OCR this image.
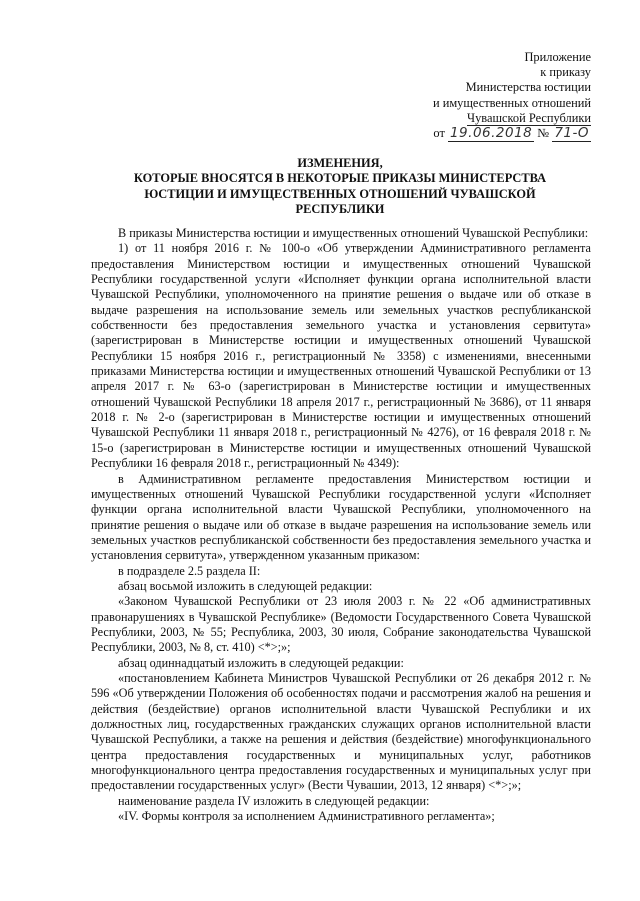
Приложение
к приказу
Министерства юстиции
и имущественных отношений
Чувашской Республики
от 19.06.2018 № 71-О
ИЗМЕНЕНИЯ,
КОТОРЫЕ ВНОСЯТСЯ В НЕКОТОРЫЕ ПРИКАЗЫ МИНИСТЕРСТВА
ЮСТИЦИИ И ИМУЩЕСТВЕННЫХ ОТНОШЕНИЙ ЧУВАШСКОЙ
РЕСПУБЛИКИ

В приказы Министерства юстиции и имущественных отношений Чувашской Республики:

1) от 11 ноября 2016 г. № 100-о «Об утверждении Административного регламента предоставления Министерством юстиции и имущественных отношений Чувашской Республики государственной услуги «Исполняет функции органа исполнительной власти Чувашской Республики, уполномоченного на принятие решения о выдаче или об отказе в выдаче разрешения на использование земель или земельных участков республиканской собственности без предоставления земельного участка и установления сервитута» (зарегистрирован в Министерстве юстиции и имущественных отношений Чувашской Республики 15 ноября 2016 г., регистрационный № 3358) с изменениями, внесенными приказами Министерства юстиции и имущественных отношений Чувашской Республики от 13 апреля 2017 г. № 63-о (зарегистрирован в Министерстве юстиции и имущественных отношений Чувашской Республики 18 апреля 2017 г., регистрационный № 3686), от 11 января 2018 г. № 2-о (зарегистрирован в Министерстве юстиции и имущественных отношений Чувашской Республики 11 января 2018 г., регистрационный № 4276), от 16 февраля 2018 г. № 15-о (зарегистрирован в Министерстве юстиции и имущественных отношений Чувашской Республики 16 февраля 2018 г., регистрационный № 4349):

в Административном регламенте предоставления Министерством юстиции и имущественных отношений Чувашской Республики государственной услуги «Исполняет функции органа исполнительной власти Чувашской Республики, уполномоченного на принятие решения о выдаче или об отказе в выдаче разрешения на использование земель или земельных участков республиканской собственности без предоставления земельного участка и установления сервитута», утвержденном указанным приказом:

в подразделе 2.5 раздела II:

абзац восьмой изложить в следующей редакции:

«Законом Чувашской Республики от 23 июля 2003 г. № 22 «Об административных правонарушениях в Чувашской Республике» (Ведомости Государственного Совета Чувашской Республики, 2003, № 55; Республика, 2003, 30 июля, Собрание законодательства Чувашской Республики, 2003, № 8, ст. 410) <*>;»;

абзац одиннадцатый изложить в следующей редакции:

«постановлением Кабинета Министров Чувашской Республики от 26 декабря 2012 г. № 596 «Об утверждении Положения об особенностях подачи и рассмотрения жалоб на решения и действия (бездействие) органов исполнительной власти Чувашской Республики и их должностных лиц, государственных гражданских служащих органов исполнительной власти Чувашской Республики, а также на решения и действия (бездействие) многофункционального центра предоставления государственных и муниципальных услуг, работников многофункционального центра предоставления государственных и муниципальных услуг при предоставлении государственных услуг» (Вести Чувашии, 2013, 12 января) <*>;»;

наименование раздела IV изложить в следующей редакции:

«IV. Формы контроля за исполнением Административного регламента»;
